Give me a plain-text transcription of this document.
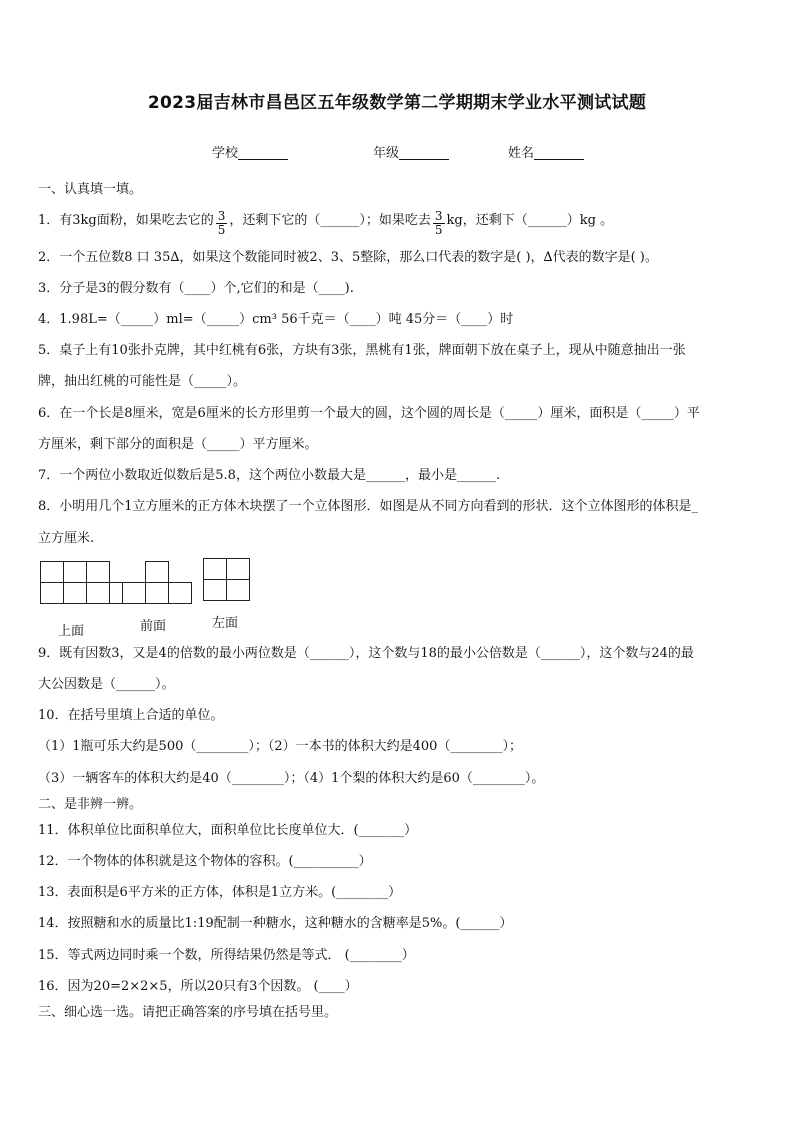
2023届吉林市昌邑区五年级数学第二学期期末学业水平测试试题
学校	年级	姓名
一、认真填一填。
1．有3kg面粉，如果吃去它的 $\frac{3}{5}$ ，还剩下它的（______）；如果吃去 $\frac{3}{5}$ kg，还剩下（______）kg 。
2．一个五位数8 口 35∆，如果这个数能同时被2、3、5整除，那么口代表的数字是( )，∆代表的数字是( )。
3．分子是3的假分数有（____）个,它们的和是（____).
4．1.98L=（_____）ml=（_____）cm³ 56千克＝（____）吨 45分＝（____）时
5．桌子上有10张扑克牌，其中红桃有6张，方块有3张，黑桃有1张，牌面朝下放在桌子上，现从中随意抽出一张
牌，抽出红桃的可能性是（_____）。
6．在一个长是8厘米，宽是6厘米的长方形里剪一个最大的圆，这个圆的周长是（_____）厘米，面积是（_____）平
方厘米，剩下部分的面积是（_____）平方厘米。
7．一个两位小数取近似数后是5.8，这个两位小数最大是______，最小是______.
8．小明用几个1立方厘米的正方体木块摆了一个立体图形．如图是从不同方向看到的形状．这个立体图形的体积是_
立方厘米.
上面	前面	左面
9．既有因数3，又是4的倍数的最小两位数是（______），这个数与18的最小公倍数是（______），这个数与24的最
大公因数是（______）。
10．在括号里填上合适的单位。
（1）1瓶可乐大约是500（________）；（2）一本书的体积大约是400（________）；
（3）一辆客车的体积大约是40（________）；（4）1个梨的体积大约是60（________）。
二、是非辨一辨。
11．体积单位比面积单位大，面积单位比长度单位大．(_______）
12．一个物体的体积就是这个物体的容积。(__________）
13．表面积是6平方米的正方体，体积是1立方米。(________）
14．按照糖和水的质量比1:19配制一种糖水，这种糖水的含糖率是5%。(______）
15．等式两边同时乘一个数，所得结果仍然是等式． (________）
16．因为20=2×2×5，所以20只有3个因数。 (____）
三、细心选一选。请把正确答案的序号填在括号里。
